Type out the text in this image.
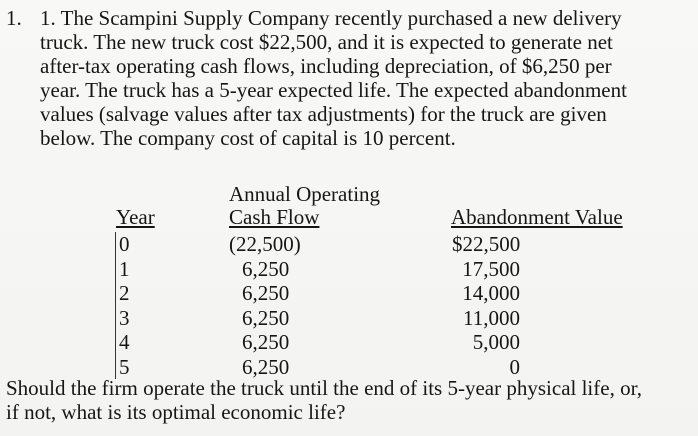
1. 1. The Scampini Supply Company recently purchased a new delivery
truck. The new truck cost $22,500, and it is expected to generate net
after-tax operating cash flows, including depreciation, of $6,250 per
year. The truck has a 5-year expected life. The expected abandonment
values (salvage values after tax adjustments) for the truck are given
below. The company cost of capital is 10 percent.

Year
Annual Operating
Cash Flow	Abandonment Value
0
1
2
3
4
5
(22,500)
6,250
6,250
6,250
6,250
6,250
$22,500
17,500
14,000
11,000
5,000
0

Should the firm operate the truck until the end of its 5-year physical life, or,
if not, what is its optimal economic life?
